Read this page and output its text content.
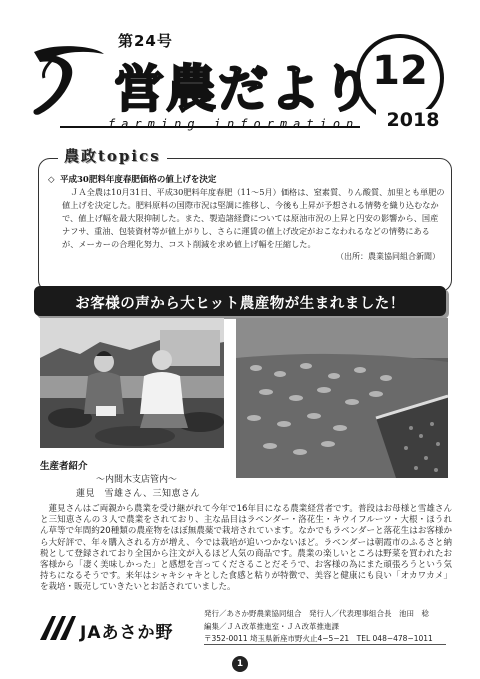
第24号
営農だより
farming information
12
2018
農政topics
◇ 平成30肥料年度春肥価格の値上げを決定
ＪＡ全農は10月31日、平成30肥料年度春肥（11～5月）価格は、窒素質、りん酸質、加里とも単肥の値上げを決定した。肥料原料の国際市況は堅調に推移し、今後も上昇が予想される情勢を織り込むなかで、値上げ幅を最大限抑制した。また、製造諸経費については原油市況の上昇と円安の影響から、国産ナフサ、重油、包装資材等が値上がりし、さらに運賃の値上げ改定がおこなわれるなどの情勢にあるが、メーカーの合理化努力、コスト削減を求め値上げ幅を圧縮した。
（出所：農業協同組合新聞）
お客様の声から大ヒット農産物が生まれました！
生産者紹介
～内間木支店管内～
蓮見　雪雄さん、三知恵さん
蓮見さんはご両親から農業を受け継がれて今年で16年目になる農業経営者です。普段はお母様と雪雄さんと三知恵さんの３人で農業をされており、主な品目はラベンダー・洛花生・キウイフルーツ・大根・ほうれん草等で年間約20種類の農産物をほぼ無農薬で栽培されています。なかでもラベンダーと落花生はお客様から大好評で、年々購入される方が増え、今では栽培が追いつかないほど。ラベンダーは朝霞市のふるさと納税として登録されており全国から注文が入るほど人気の商品です。農業の楽しいところは野菜を買われたお客様から「凄く美味しかった」と感想を言ってくださることだそうで、お客様の為にまた頑張ろうという気持ちになるそうです。来年はシャキシャキとした食感と粘りが特徴で、美容と健康にも良い「オカワカメ」を栽培・販売していきたいとお話されていました。
JAあさか野
発行／あさか野農業協同組合　発行人／代表理事組合長　池田　稔
編集／ＪＡ改革推進室・ＪＡ改革推進課
〒352-0011 埼玉県新座市野火止4−5−21　TEL 048−478−1011
1
